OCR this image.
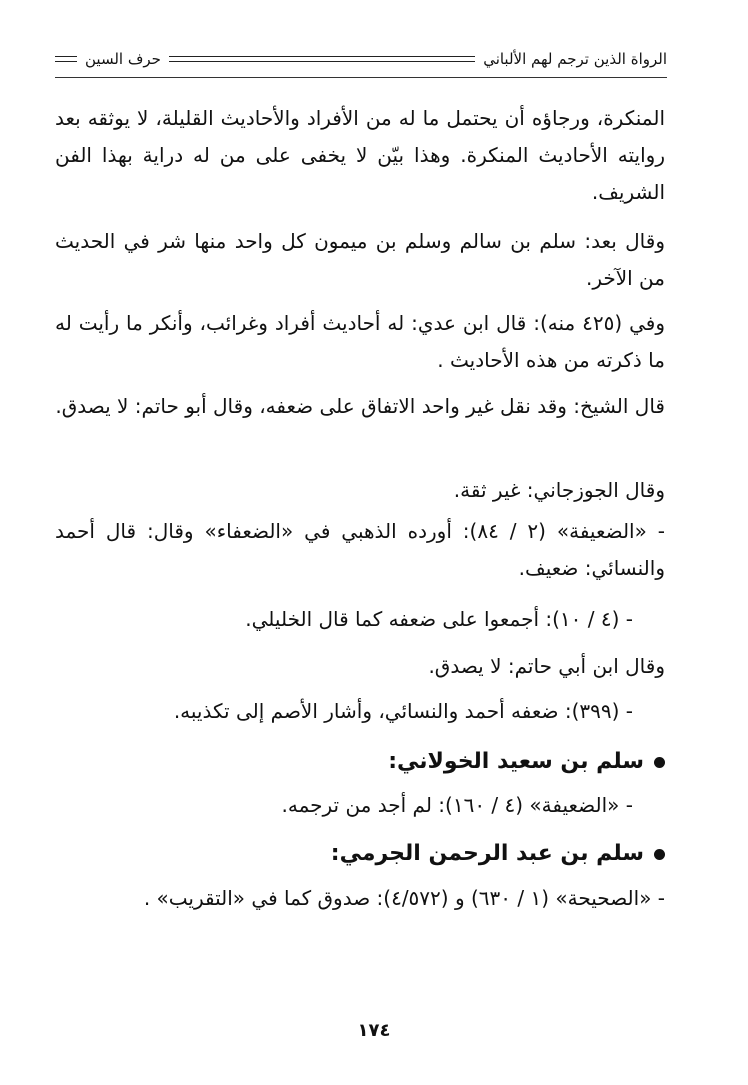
الرواة الذين ترجم لهم الألباني
حرف السين
المنكرة، ورجاؤه أن يحتمل ما له من الأفراد والأحاديث القليلة، لا يوثقه بعد روايته الأحاديث المنكرة. وهذا بيّن لا يخفى على من له دراية بهذا الفن الشريف.
وقال بعد: سلم بن سالم وسلم بن ميمون كل واحد منها شر في الحديث من الآخر.
وفي (٤٢٥ منه): قال ابن عدي: له أحاديث أفراد وغرائب، وأنكر ما رأيت له ما ذكرته من هذه الأحاديث .
قال الشيخ: وقد نقل غير واحد الاتفاق على ضعفه، وقال أبو حاتم: لا يصدق.
وقال الجوزجاني: غير ثقة.
- «الضعيفة» (٢ / ٨٤): أورده الذهبي في «الضعفاء» وقال: قال أحمد والنسائي: ضعيف.
- (٤ / ١٠): أجمعوا على ضعفه كما قال الخليلي.
وقال ابن أبي حاتم: لا يصدق.
- (٣٩٩): ضعفه أحمد والنسائي، وأشار الأصم إلى تكذيبه.
سلم بن سعيد الخولاني:
- «الضعيفة» (٤ / ١٦٠): لم أجد من ترجمه.
سلم بن عبد الرحمن الجرمي:
- «الصحيحة» (١ / ٦٣٠) و (٤/٥٧٢): صدوق كما في «التقريب» .
١٧٤
